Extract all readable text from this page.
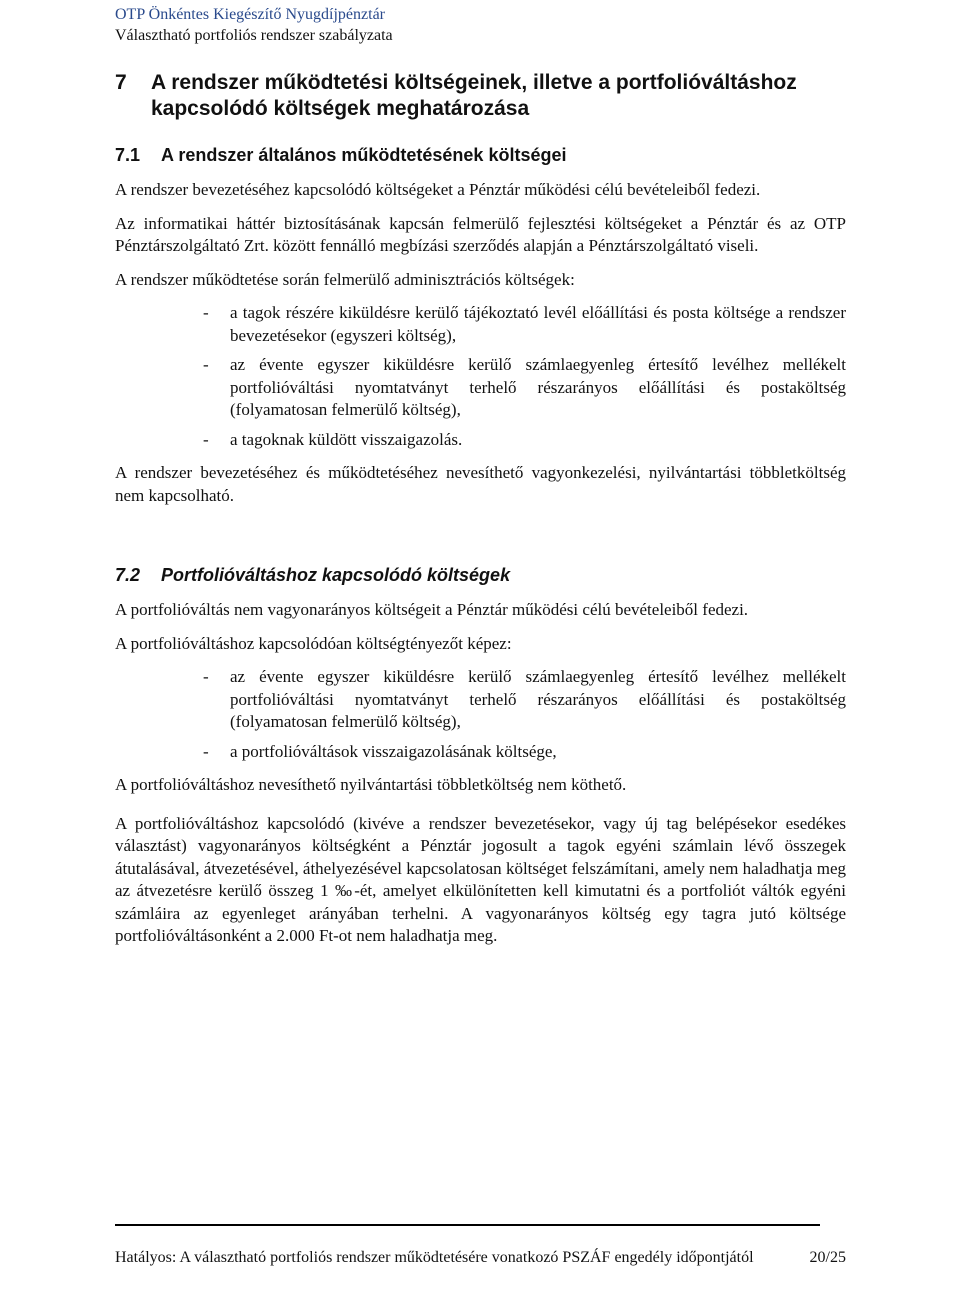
OTP Önkéntes Kiegészítő Nyugdíjpénztár
Választható portfoliós rendszer szabályzata
7	A rendszer működtetési költségeinek, illetve a portfolióváltáshoz kapcsolódó költségek meghatározása
7.1	A rendszer általános működtetésének költségei

A rendszer bevezetéséhez kapcsolódó költségeket a Pénztár működési célú bevételeiből fedezi.

Az informatikai háttér biztosításának kapcsán felmerülő fejlesztési költségeket a Pénztár és az OTP Pénztárszolgáltató Zrt. között fennálló megbízási szerződés alapján a Pénztárszolgáltató viseli.

A rendszer működtetése során felmerülő adminisztrációs költségek:

- a tagok részére kiküldésre kerülő tájékoztató levél előállítási és posta költsége a rendszer bevezetésekor (egyszeri költség),
- az évente egyszer kiküldésre kerülő számlaegyenleg értesítő levélhez mellékelt portfolióváltási nyomtatványt terhelő részarányos előállítási és postaköltség (folyamatosan felmerülő költség),
- a tagoknak küldött visszaigazolás.

A rendszer bevezetéséhez és működtetéséhez nevesíthető vagyonkezelési, nyilvántartási többletköltség nem kapcsolható.

7.2	Portfolióváltáshoz kapcsolódó költségek

A portfolióváltás nem vagyonarányos költségeit a Pénztár működési célú bevételeiből fedezi.

A portfolióváltáshoz kapcsolódóan költségtényezőt képez:

- az évente egyszer kiküldésre kerülő számlaegyenleg értesítő levélhez mellékelt portfolióváltási nyomtatványt terhelő részarányos előállítási és postaköltség (folyamatosan felmerülő költség),
- a portfolióváltások visszaigazolásának költsége,

A portfolióváltáshoz nevesíthető nyilvántartási többletköltség nem köthető.

A portfolióváltáshoz kapcsolódó (kivéve a rendszer bevezetésekor, vagy új tag belépésekor esedékes választást) vagyonarányos költségként a Pénztár jogosult a tagok egyéni számlain lévő összegek átutalásával, átvezetésével, áthelyezésével kapcsolatosan költséget felszámítani, amely nem haladhatja meg az átvezetésre kerülő összeg 1 ‰-ét, amelyet elkülönítetten kell kimutatni és a portfoliót váltók egyéni számláira az egyenleget arányában terhelni. A vagyonarányos költség egy tagra jutó költsége portfolióváltásonként a 2.000 Ft-ot nem haladhatja meg.

Hatályos: A választható portfoliós rendszer működtetésére vonatkozó PSZÁF engedély időpontjától	20/25
